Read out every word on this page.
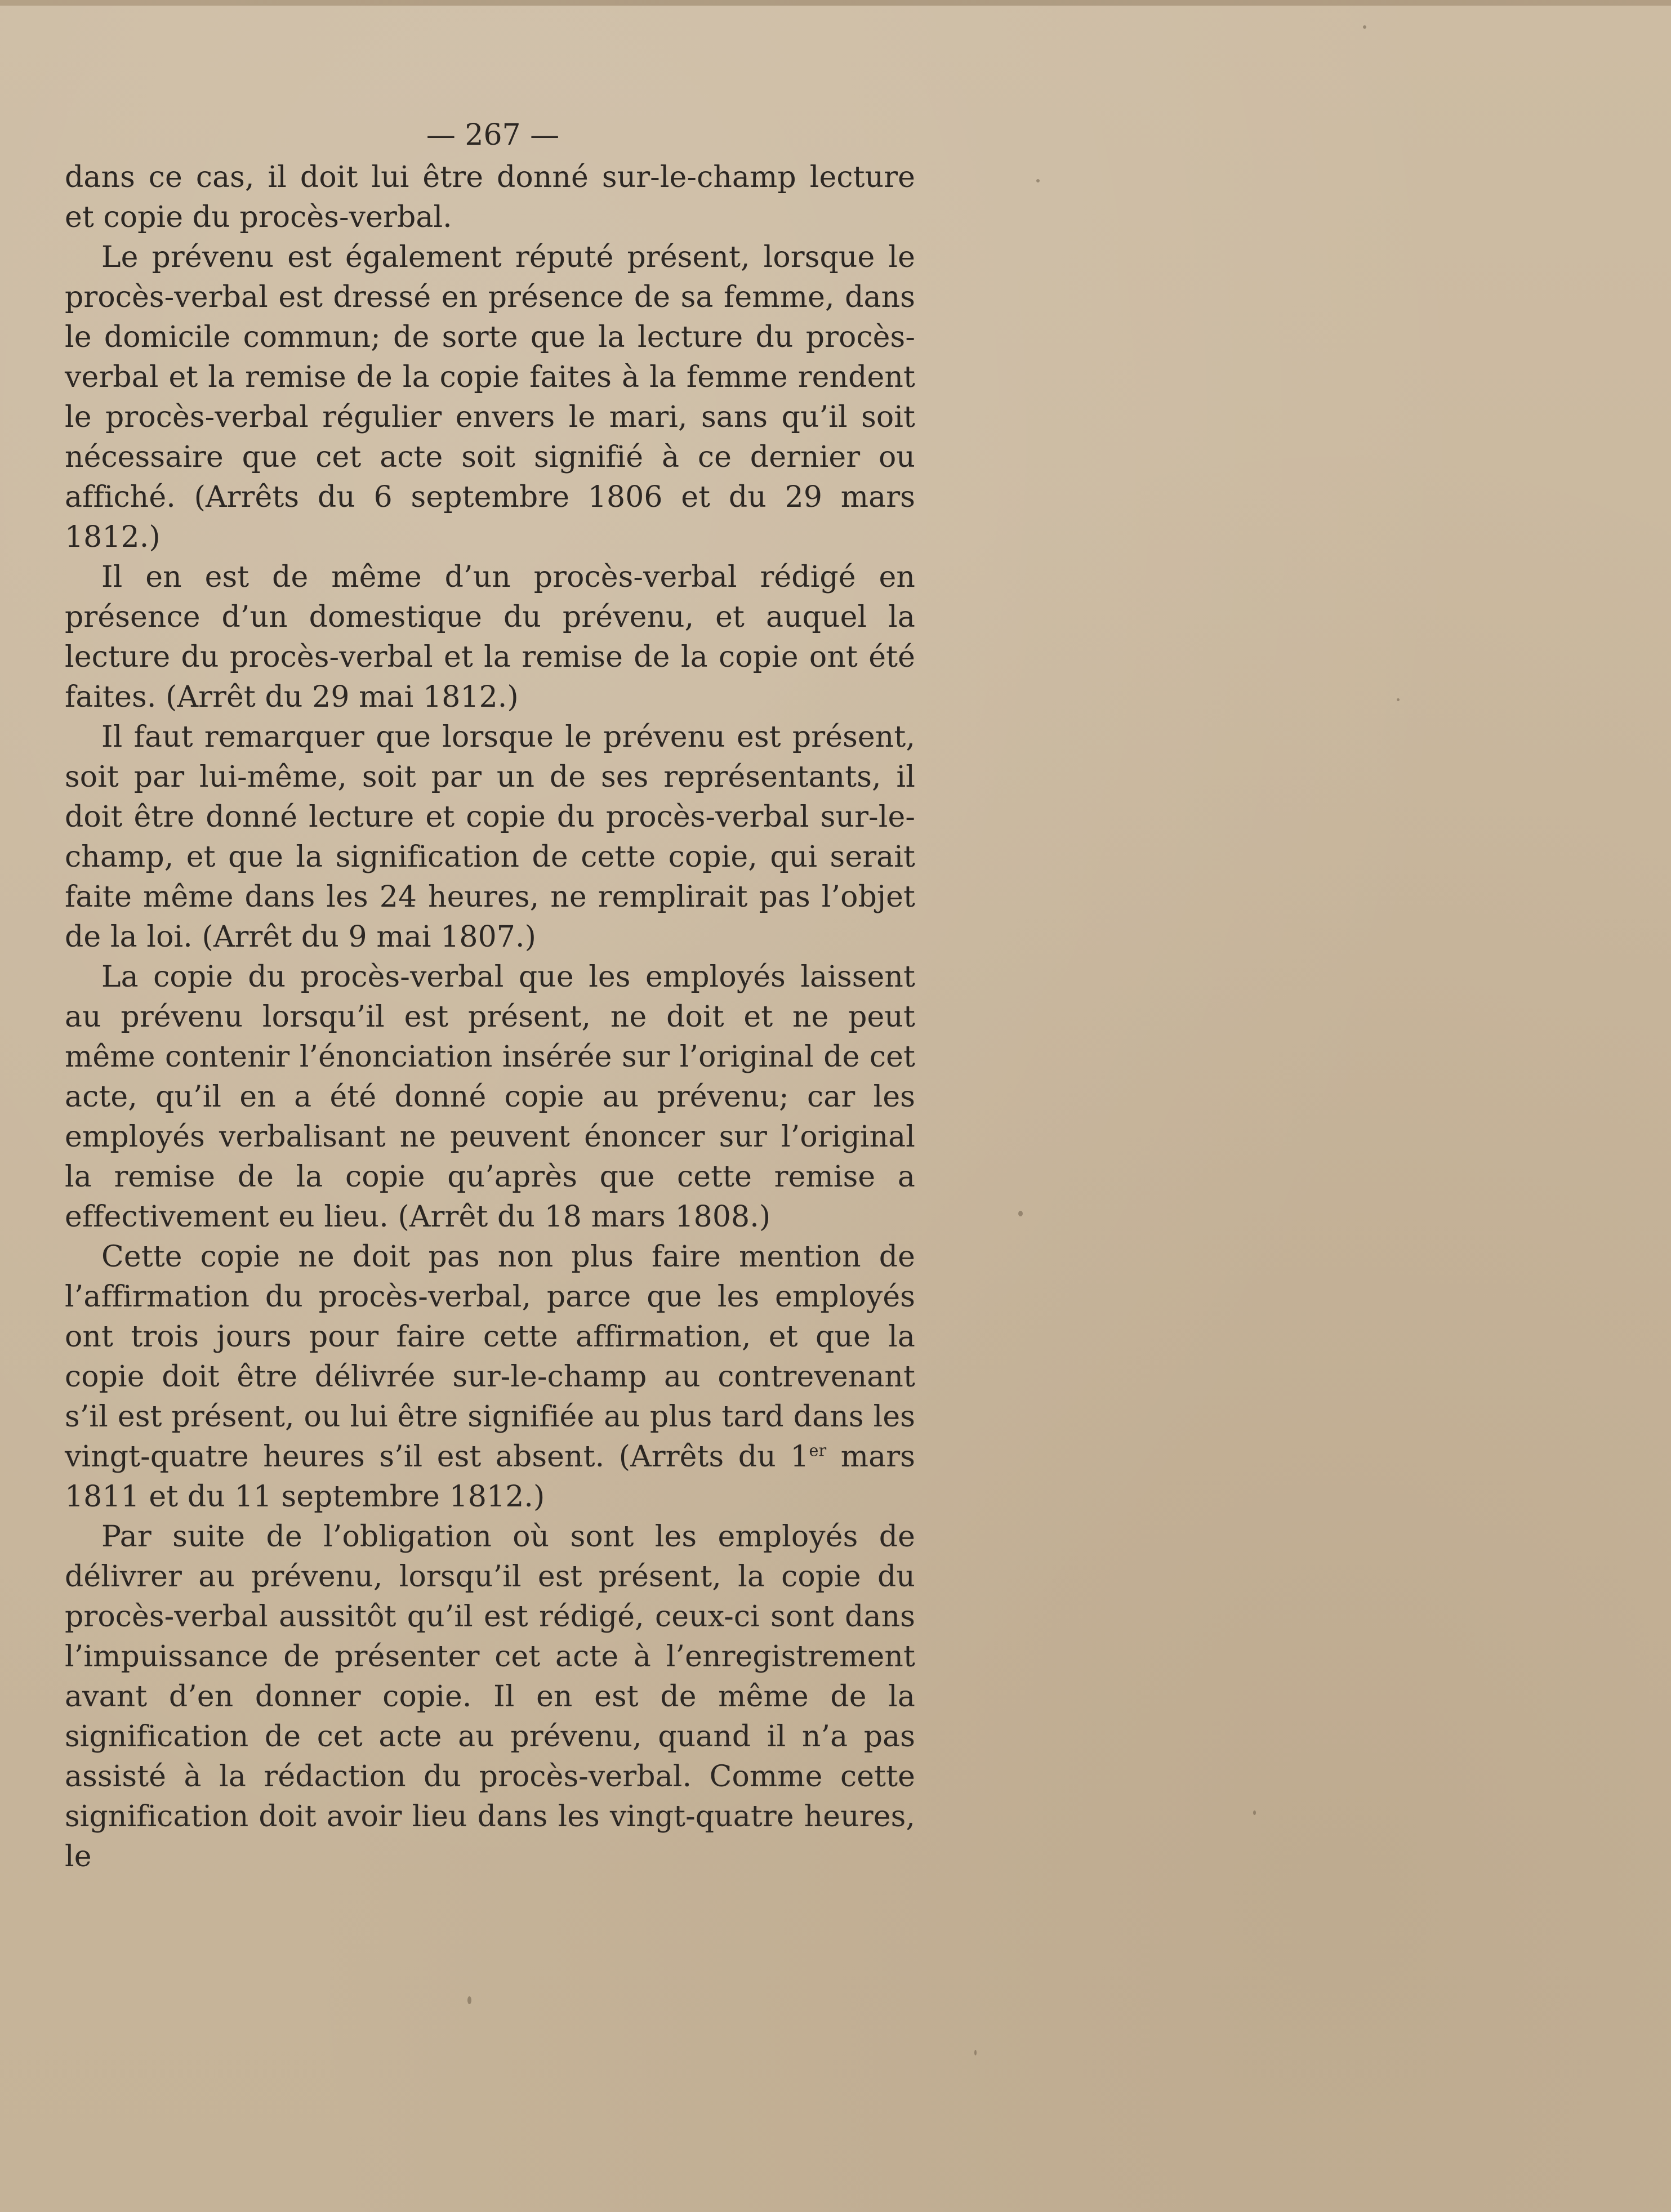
— 267 —

dans ce cas, il doit lui être donné sur-le-champ lecture et copie du procès-verbal.

Le prévenu est également réputé présent, lorsque le procès-verbal est dressé en présence de sa femme, dans le domicile commun; de sorte que la lecture du procès-verbal et la remise de la copie faites à la femme rendent le procès-verbal régulier envers le mari, sans qu’il soit nécessaire que cet acte soit signifié à ce dernier ou affiché. (Arrêts du 6 septembre 1806 et du 29 mars 1812.)

Il en est de même d’un procès-verbal rédigé en présence d’un domestique du prévenu, et auquel la lecture du procès-verbal et la remise de la copie ont été faites. (Arrêt du 29 mai 1812.)

Il faut remarquer que lorsque le prévenu est présent, soit par lui-même, soit par un de ses représentants, il doit être donné lecture et copie du procès-verbal sur-le-champ, et que la signification de cette copie, qui serait faite même dans les 24 heures, ne remplirait pas l’objet de la loi. (Arrêt du 9 mai 1807.)

La copie du procès-verbal que les employés laissent au prévenu lorsqu’il est présent, ne doit et ne peut même contenir l’énonciation insérée sur l’original de cet acte, qu’il en a été donné copie au prévenu; car les employés verbalisant ne peuvent énoncer sur l’original la remise de la copie qu’après que cette remise a effectivement eu lieu. (Arrêt du 18 mars 1808.)

Cette copie ne doit pas non plus faire mention de l’affirmation du procès-verbal, parce que les employés ont trois jours pour faire cette affirmation, et que la copie doit être délivrée sur-le-champ au contrevenant s’il est présent, ou lui être signifiée au plus tard dans les vingt-quatre heures s’il est absent. (Arrêts du 1er mars 1811 et du 11 septembre 1812.)

Par suite de l’obligation où sont les employés de délivrer au prévenu, lorsqu’il est présent, la copie du procès-verbal aussitôt qu’il est rédigé, ceux-ci sont dans l’impuissance de présenter cet acte à l’enregistrement avant d’en donner copie. Il en est de même de la signification de cet acte au prévenu, quand il n’a pas assisté à la rédaction du procès-verbal. Comme cette signification doit avoir lieu dans les vingt-quatre heures, le
